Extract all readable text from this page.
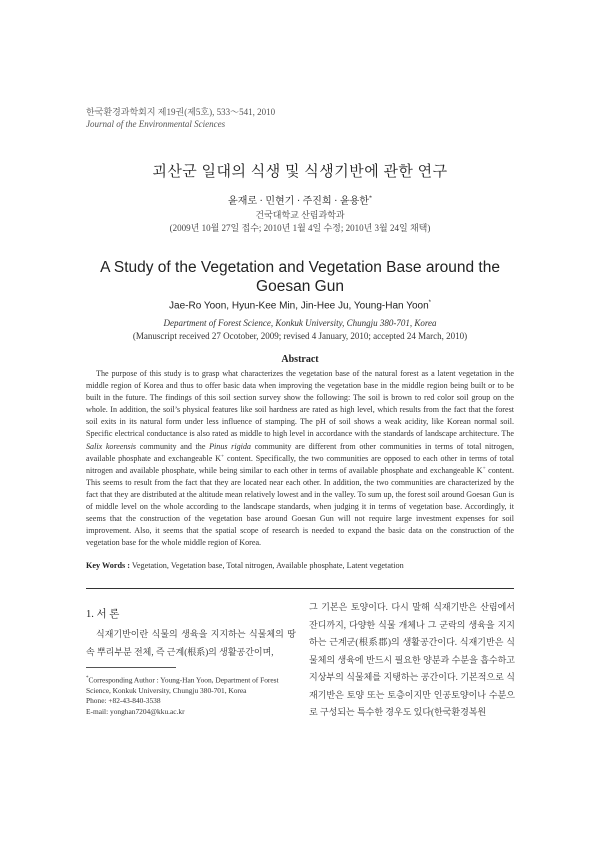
한국환경과학회지 제19권(제5호), 533～541, 2010
Journal of the Environmental Sciences
괴산군 일대의 식생 및 식생기반에 관한 연구
윤재로 · 민현기 · 주진희 · 윤용한*
건국대학교 산림과학과
(2009년 10월 27일 접수; 2010년 1월 4일 수정; 2010년 3월 24일 채택)
A Study of the Vegetation and Vegetation Base around the Goesan Gun
Jae-Ro Yoon, Hyun-Kee Min, Jin-Hee Ju, Young-Han Yoon*
Department of Forest Science, Konkuk University, Chungju 380-701, Korea
(Manuscript received 27 Ocotober, 2009; revised 4 January, 2010; accepted 24 March, 2010)
Abstract

The purpose of this study is to grasp what characterizes the vegetation base of the natural forest as a latent vegetation in the middle region of Korea and thus to offer basic data when improving the vegetation base in the middle region being built or to be built in the future. The findings of this soil section survey show the following: The soil is brown to red color soil group on the whole. In addition, the soil’s physical features like soil hardness are rated as high level, which results from the fact that the forest soil exits in its natural form under less influence of stamping. The pH of soil shows a weak acidity, like Korean normal soil. Specific electrical conductance is also rated as middle to high level in accordance with the standards of landscape architecture. The Salix koreensis community and the Pinus rigida community are different from other communities in terms of total nitrogen, available phosphate and exchangeable K+ content. Specifically, the two communities are opposed to each other in terms of total nitrogen and available phosphate, while being similar to each other in terms of available phosphate and exchangeable K+ content. This seems to result from the fact that they are located near each other. In addition, the two communities are characterized by the fact that they are distributed at the altitude mean relatively lowest and in the valley. To sum up, the forest soil around Goesan Gun is of middle level on the whole according to the landscape standards, when judging it in terms of vegetation base. Accordingly, it seems that the construction of the vegetation base around Goesan Gun will not require large investment expenses for soil improvement. Also, it seems that the spatial scope of research is needed to expand the basic data on the construction of the vegetation base for the whole middle region of Korea.

Key Words : Vegetation, Vegetation base, Total nitrogen, Available phosphate, Latent vegetation
1. 서 론

식재기반이란 식물의 생육을 지지하는 식물체의 땅속 뿌리부분 전체, 즉 근계(根系)의 생활공간이며,

그 기본은 토양이다. 다시 말해 식재기반은 산림에서 잔디까지, 다양한 식물 개체나 그 군락의 생육을 지지하는 근계군(根系郡)의 생활공간이다. 식재기반은 식물체의 생육에 반드시 필요한 양분과 수분을 흡수하고 지상부의 식물체를 지탱하는 공간이다. 기본적으로 식재기반은 토양 또는 토층이지만 인공토양이나 수분으로 구성되는 특수한 경우도 있다(한국환경복원

*Corresponding Author : Young-Han Yoon, Department of Forest Science, Konkuk University, Chungju 380-701, Korea
Phone: +82-43-840-3538
E-mail: yonghan7204@kku.ac.kr
